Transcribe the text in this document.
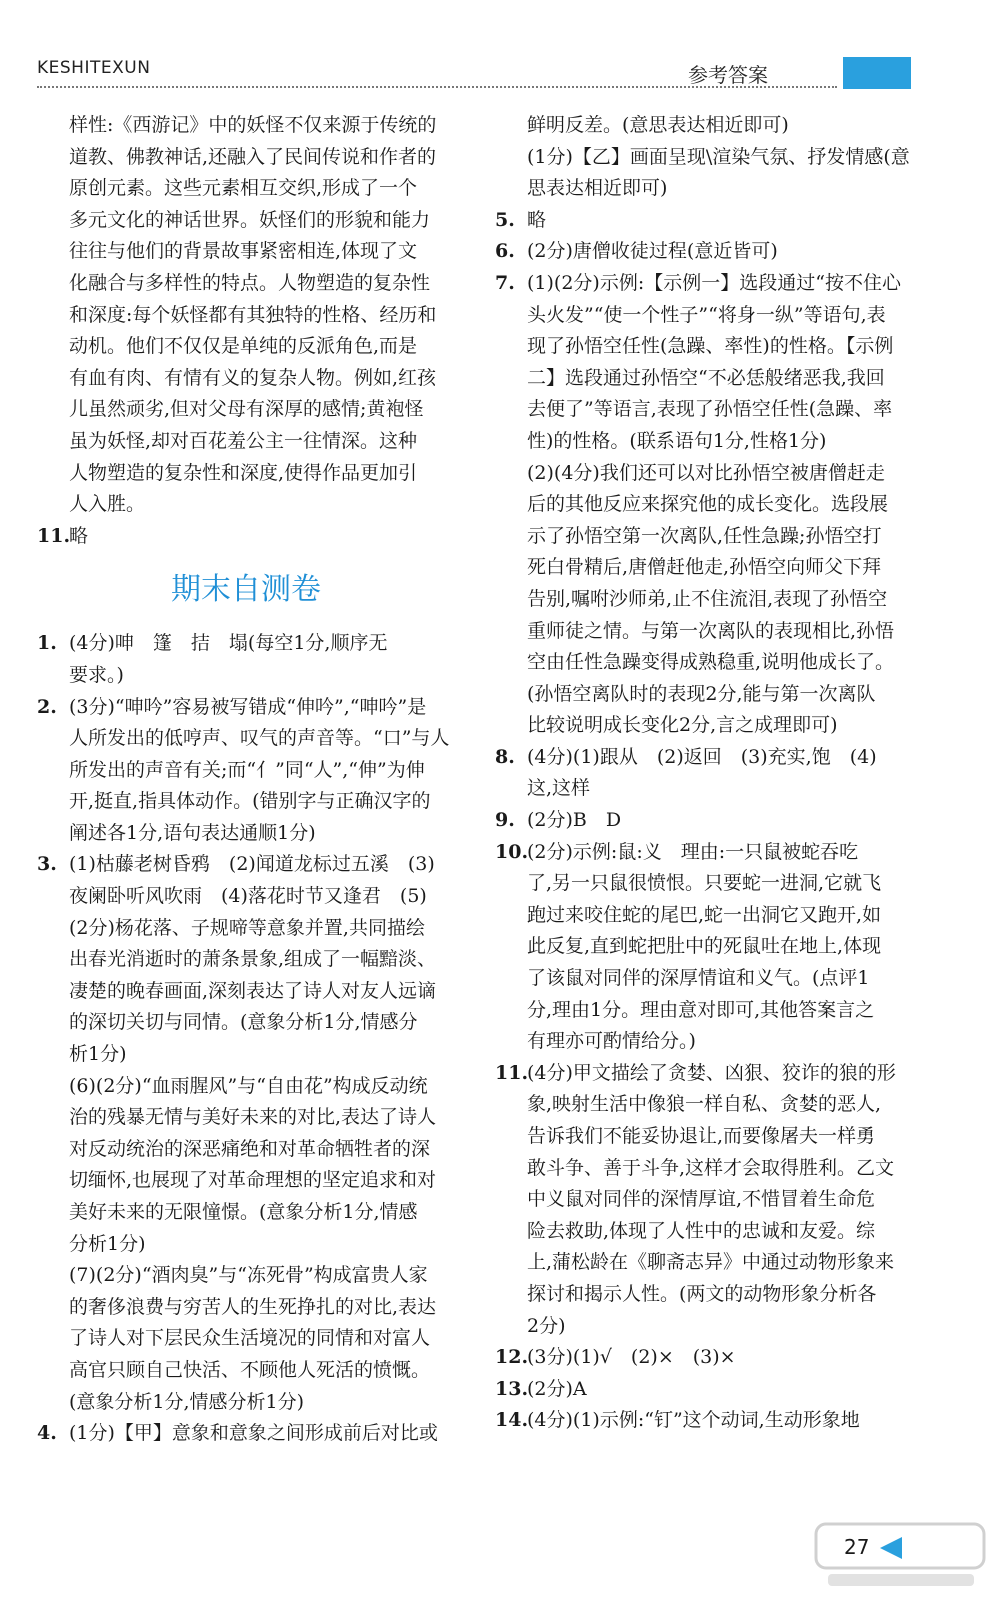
KESHITEXUN	参考答案
样性:《西游记》中的妖怪不仅来源于传统的
道教、佛教神话,还融入了民间传说和作者的
原创元素。这些元素相互交织,形成了一个
多元文化的神话世界。妖怪们的形貌和能力
往往与他们的背景故事紧密相连,体现了文
化融合与多样性的特点。人物塑造的复杂性
和深度:每个妖怪都有其独特的性格、经历和
动机。他们不仅仅是单纯的反派角色,而是
有血有肉、有情有义的复杂人物。例如,红孩
儿虽然顽劣,但对父母有深厚的感情;黄袍怪
虽为妖怪,却对百花羞公主一往情深。这种
人物塑造的复杂性和深度,使得作品更加引
人入胜。
11.
略
期末自测卷
1. (4分)呻　篷　拮　塌(每空1分,顺序无
要求。)
2. (3分)“呻吟”容易被写错成“伸吟”,“呻吟”是
人所发出的低哼声、叹气的声音等。“口”与人
所发出的声音有关;而“亻”同“人”,“伸”为伸
开,挺直,指具体动作。(错别字与正确汉字的
阐述各1分,语句表达通顺1分)
3. (1)枯藤老树昏鸦　(2)闻道龙标过五溪　(3)
夜阑卧听风吹雨　(4)落花时节又逢君　(5)
(2分)杨花落、子规啼等意象并置,共同描绘
出春光消逝时的萧条景象,组成了一幅黯淡、
凄楚的晚春画面,深刻表达了诗人对友人远谪
的深切关切与同情。(意象分析1分,情感分
析1分)
(6)(2分)“血雨腥风”与“自由花”构成反动统
治的残暴无情与美好未来的对比,表达了诗人
对反动统治的深恶痛绝和对革命牺牲者的深
切缅怀,也展现了对革命理想的坚定追求和对
美好未来的无限憧憬。(意象分析1分,情感
分析1分)
(7)(2分)“酒肉臭”与“冻死骨”构成富贵人家
的奢侈浪费与穷苦人的生死挣扎的对比,表达
了诗人对下层民众生活境况的同情和对富人
高官只顾自己快活、不顾他人死活的愤慨。
(意象分析1分,情感分析1分)
4. (1分)【甲】意象和意象之间形成前后对比或
鲜明反差。(意思表达相近即可)
(1分)【乙】画面呈现\渲染气氛、抒发情感(意
思表达相近即可)
5. 略
6. (2分)唐僧收徒过程(意近皆可)
7. (1)(2分)示例:【示例一】选段通过“按不住心
头火发”“使一个性子”“将身一纵”等语句,表
现了孙悟空任性(急躁、率性)的性格。【示例
二】选段通过孙悟空“不必恁般绪恶我,我回
去便了”等语言,表现了孙悟空任性(急躁、率
性)的性格。(联系语句1分,性格1分)
(2)(4分)我们还可以对比孙悟空被唐僧赶走
后的其他反应来探究他的成长变化。选段展
示了孙悟空第一次离队,任性急躁;孙悟空打
死白骨精后,唐僧赶他走,孙悟空向师父下拜
告别,嘱咐沙师弟,止不住流泪,表现了孙悟空
重师徒之情。与第一次离队的表现相比,孙悟
空由任性急躁变得成熟稳重,说明他成长了。
(孙悟空离队时的表现2分,能与第一次离队
比较说明成长变化2分,言之成理即可)
8. (4分)(1)跟从　(2)返回　(3)充实,饱　(4)
这,这样
9. (2分)B　D
10.
(2分)示例:鼠:义　理由:一只鼠被蛇吞吃
了,另一只鼠很愤恨。只要蛇一进洞,它就飞
跑过来咬住蛇的尾巴,蛇一出洞它又跑开,如
此反复,直到蛇把肚中的死鼠吐在地上,体现
了该鼠对同伴的深厚情谊和义气。(点评1
分,理由1分。理由意对即可,其他答案言之
有理亦可酌情给分。)
11.
(4分)甲文描绘了贪婪、凶狠、狡诈的狼的形
象,映射生活中像狼一样自私、贪婪的恶人,
告诉我们不能妥协退让,而要像屠夫一样勇
敢斗争、善于斗争,这样才会取得胜利。乙文
中义鼠对同伴的深情厚谊,不惜冒着生命危
险去救助,体现了人性中的忠诚和友爱。综
上,蒲松龄在《聊斋志异》中通过动物形象来
探讨和揭示人性。(两文的动物形象分析各
2分)
12.
(3分)(1)√　(2)×　(3)×
13.
(2分)A
14.
(4分)(1)示例:“钉”这个动词,生动形象地
27
